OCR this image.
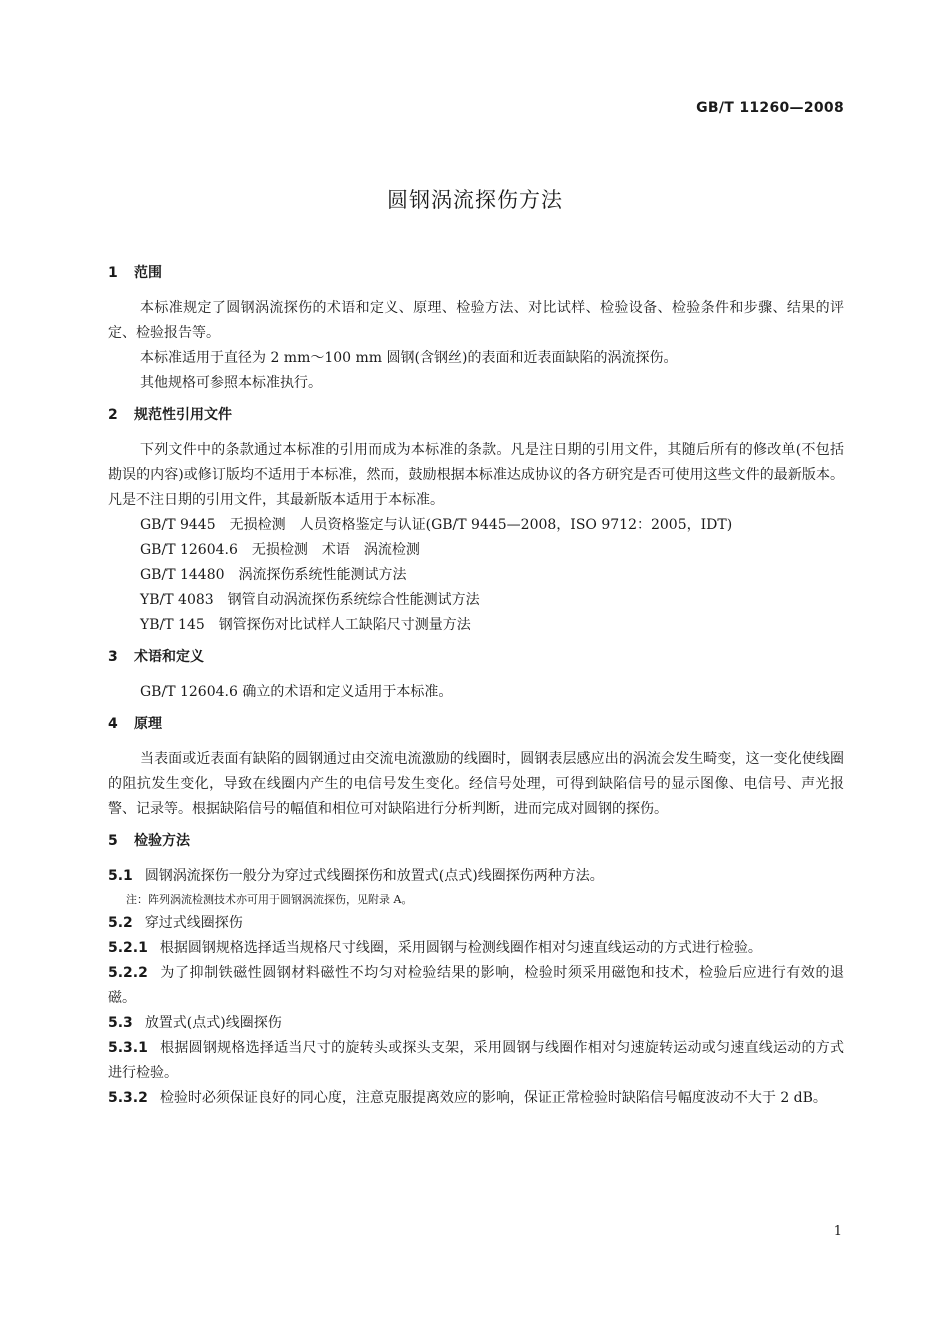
GB/T 11260—2008
圆钢涡流探伤方法
1 范围

本标准规定了圆钢涡流探伤的术语和定义、原理、检验方法、对比试样、检验设备、检验条件和步骤、结果的评定、检验报告等。

本标准适用于直径为 2 mm～100 mm 圆钢(含钢丝)的表面和近表面缺陷的涡流探伤。

其他规格可参照本标准执行。

2 规范性引用文件

下列文件中的条款通过本标准的引用而成为本标准的条款。凡是注日期的引用文件，其随后所有的修改单(不包括勘误的内容)或修订版均不适用于本标准，然而，鼓励根据本标准达成协议的各方研究是否可使用这些文件的最新版本。凡是不注日期的引用文件，其最新版本适用于本标准。

GB/T 9445 无损检测　人员资格鉴定与认证(GB/T 9445—2008，ISO 9712：2005，IDT)

GB/T 12604.6 无损检测　术语　涡流检测

GB/T 14480 涡流探伤系统性能测试方法

YB/T 4083 钢管自动涡流探伤系统综合性能测试方法

YB/T 145 钢管探伤对比试样人工缺陷尺寸测量方法

3 术语和定义

GB/T 12604.6 确立的术语和定义适用于本标准。

4 原理

当表面或近表面有缺陷的圆钢通过由交流电流激励的线圈时，圆钢表层感应出的涡流会发生畸变，这一变化使线圈的阻抗发生变化，导致在线圈内产生的电信号发生变化。经信号处理，可得到缺陷信号的显示图像、电信号、声光报警、记录等。根据缺陷信号的幅值和相位可对缺陷进行分析判断，进而完成对圆钢的探伤。

5 检验方法

5.1 圆钢涡流探伤一般分为穿过式线圈探伤和放置式(点式)线圈探伤两种方法。

注：阵列涡流检测技术亦可用于圆钢涡流探伤，见附录 A。

5.2 穿过式线圈探伤

5.2.1 根据圆钢规格选择适当规格尺寸线圈，采用圆钢与检测线圈作相对匀速直线运动的方式进行检验。

5.2.2 为了抑制铁磁性圆钢材料磁性不均匀对检验结果的影响，检验时须采用磁饱和技术，检验后应进行有效的退磁。

5.3 放置式(点式)线圈探伤

5.3.1 根据圆钢规格选择适当尺寸的旋转头或探头支架，采用圆钢与线圈作相对匀速旋转运动或匀速直线运动的方式进行检验。

5.3.2 检验时必须保证良好的同心度，注意克服提离效应的影响，保证正常检验时缺陷信号幅度波动不大于 2 dB。

1
